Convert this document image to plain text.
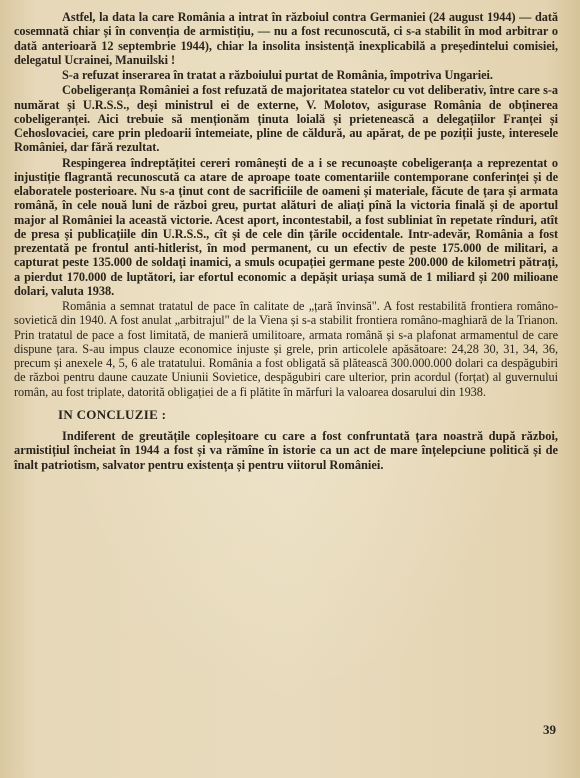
Astfel, la data la care România a intrat în războiul contra Germaniei (24 august 1944) — dată cosemnată chiar și în convenția de armistițiu, — nu a fost recunoscută, ci s-a stabilit în mod arbitrar o dată anterioară 12 septembrie 1944), chiar la insolita insistență inexplicabilă a președintelui comisiei, delegatul Ucrainei, Manuilski !

S-a refuzat inserarea în tratat a războiului purtat de România, împotriva Ungariei.

Cobeligeranța României a fost refuzată de majoritatea statelor cu vot deliberativ, între care s-a numărat și U.R.S.S., deși ministrul ei de externe, V. Molotov, asigurase România de obținerea cobeligeranței. Aici trebuie să menționăm ținuta loială și prietenească a delegațiilor Franței și Cehoslovaciei, care prin pledoarii întemeiate, pline de căldură, au apărat, de pe poziții juste, interesele României, dar fără rezultat.

Respingerea îndreptățitei cereri românești de a i se recunoaște cobeligeranța a reprezentat o injustiție flagrantă recunoscută ca atare de aproape toate comentariile contemporane conferinței și de elaboratele posterioare. Nu s-a ținut cont de sacrificiile de oameni și materiale, făcute de țara și armata română, în cele nouă luni de război greu, purtat alături de aliați pînă la victoria finală și de aportul major al României la această victorie. Acest aport, incontestabil, a fost subliniat în repetate rînduri, atît de presa și publicațiile din U.R.S.S., cît și de cele din țările occidentale. Intr-adevăr, România a fost prezentată pe frontul anti-hitlerist, în mod permanent, cu un efectiv de peste 175.000 de militari, a capturat peste 135.000 de soldați inamici, a smuls ocupației germane peste 200.000 de kilometri pătrați, a pierdut 170.000 de luptători, iar efortul economic a depășit uriașa sumă de 1 miliard și 200 milioane dolari, valuta 1938.

România a semnat tratatul de pace în calitate de „țară învinsă". A fost restabilită frontiera româno-sovietică din 1940. A fost anulat „arbitrajul" de la Viena și s-a stabilit frontiera româno-maghiară de la Trianon. Prin tratatul de pace a fost limitată, de manieră umilitoare, armata română și s-a plafonat armamentul de care dispune țara. S-au impus clauze economice injuste și grele, prin articolele apăsătoare: 24,28 30, 31, 34, 36, precum și anexele 4, 5, 6 ale tratatului. România a fost obligată să plătească 300.000.000 dolari ca despăgubiri de război pentru daune cauzate Uniunii Sovietice, despăgubiri care ulterior, prin acordul (forțat) al guvernului român, au fost triplate, datorită obligației de a fi plătite în mărfuri la valoarea dosarului din 1938.

IN CONCLUZIE :

Indiferent de greutățile copleșitoare cu care a fost confruntată țara noastră după război, armistițiul încheiat în 1944 a fost și va rămîne în istorie ca un act de mare înțelepciune politică și de înalt patriotism, salvator pentru existența și pentru viitorul României.

39
